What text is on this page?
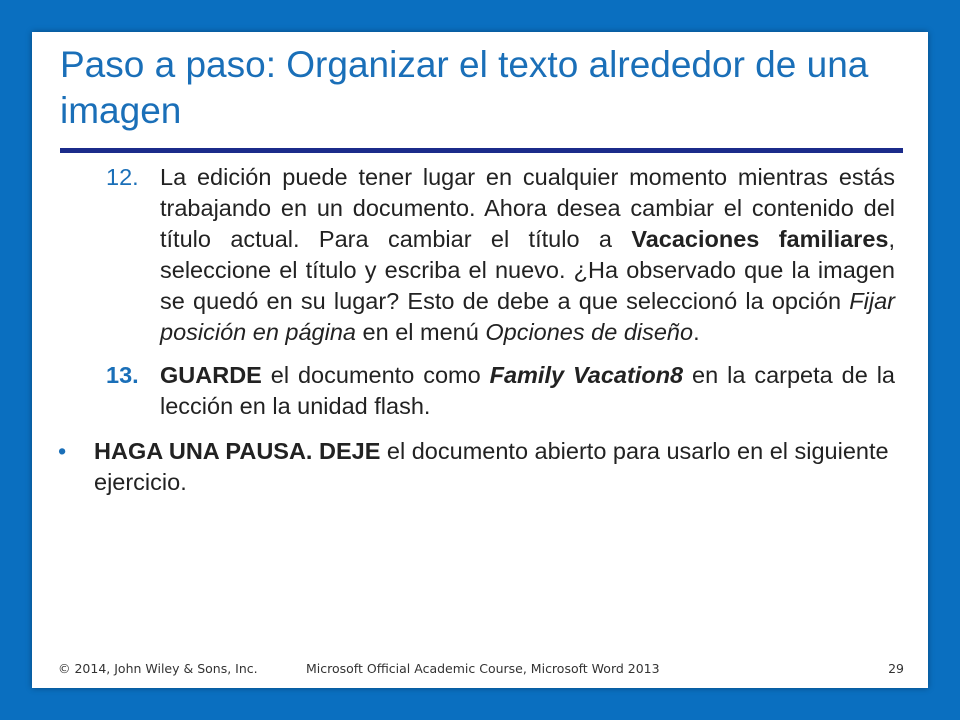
Paso a paso: Organizar el texto alrededor de una imagen

12. La edición puede tener lugar en cualquier momento mientras estás trabajando en un documento. Ahora desea cambiar el contenido del título actual. Para cambiar el título a Vacaciones familiares, seleccione el título y escriba el nuevo. ¿Ha observado que la imagen se quedó en su lugar? Esto de debe a que seleccionó la opción Fijar posición en página en el menú Opciones de diseño.

13. GUARDE el documento como Family Vacation8 en la carpeta de la lección en la unidad flash.

• HAGA UNA PAUSA. DEJE el documento abierto para usarlo en el siguiente ejercicio.

© 2014, John Wiley & Sons, Inc.	Microsoft Official Academic Course, Microsoft Word 2013	29
